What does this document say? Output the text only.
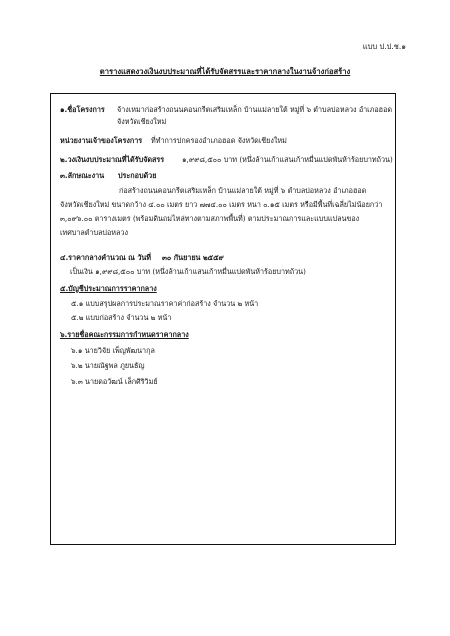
แบบ ป.ป.ช.๑
ตารางแสดงวงเงินงบประมาณที่ได้รับจัดสรรและราคากลางในงานจ้างก่อสร้าง
๑.ชื่อโครงการ จ้างเหมาก่อสร้างถนนคอนกรีตเสริมเหล็ก บ้านแม่ลายใต้ หมู่ที่ ๖ ตำบลบ่อหลวง อำเภอฮอด
จังหวัดเชียงใหม่
หน่วยงานเจ้าของโครงการ ที่ทำการปกครองอำเภอฮอด จังหวัดเชียงใหม่
๒.วงเงินงบประมาณที่ได้รับจัดสรร ๑,๙๙๘,๕๐๐ บาท (หนึ่งล้านเก้าแสนเก้าหมื่นแปดพันห้าร้อยบาทถ้วน)
๓.ลักษณะงาน ประกอบด้วย
ก่อสร้างถนนคอนกรีตเสริมเหล็ก บ้านแม่ลายใต้ หมู่ที่ ๖ ตำบลบ่อหลวง อำเภอฮอด
จังหวัดเชียงใหม่ ขนาดกว้าง ๔.๐๐ เมตร ยาว ๗๗๔.๐๐ เมตร หนา ๐.๑๕ เมตร หรือมีพื้นที่เฉลี่ยไม่น้อยกว่า
๓,๐๙๖.๐๐ ตารางเมตร (พร้อมดินถมไหล่ทางตามสภาพพื้นที่) ตามประมาณการและแบบแปลนของ
เทศบาลตำบลบ่อหลวง
๔.ราคากลางคำนวณ ณ วันที่ ๓๐ กันยายน ๒๕๕๙
เป็นเงิน ๑,๙๙๘,๕๐๐ บาท (หนึ่งล้านเก้าแสนเก้าหมื่นแปดพันห้าร้อยบาทถ้วน)
๕.บัญชีประมาณการราคากลาง
๕.๑ แบบสรุปผลการประมาณราคาค่าก่อสร้าง จำนวน ๒ หน้า
๕.๒ แบบก่อสร้าง จำนวน ๒ หน้า
๖.รายชื่อคณะกรรมการกำหนดราคากลาง
๖.๑ นายวิจัย เพ็ญพัฒนากุล
๖.๒ นายณัฐพล ภูยนธัญ
๖.๓ นายดอวัฒน์ เล็กศิริวิมย์
